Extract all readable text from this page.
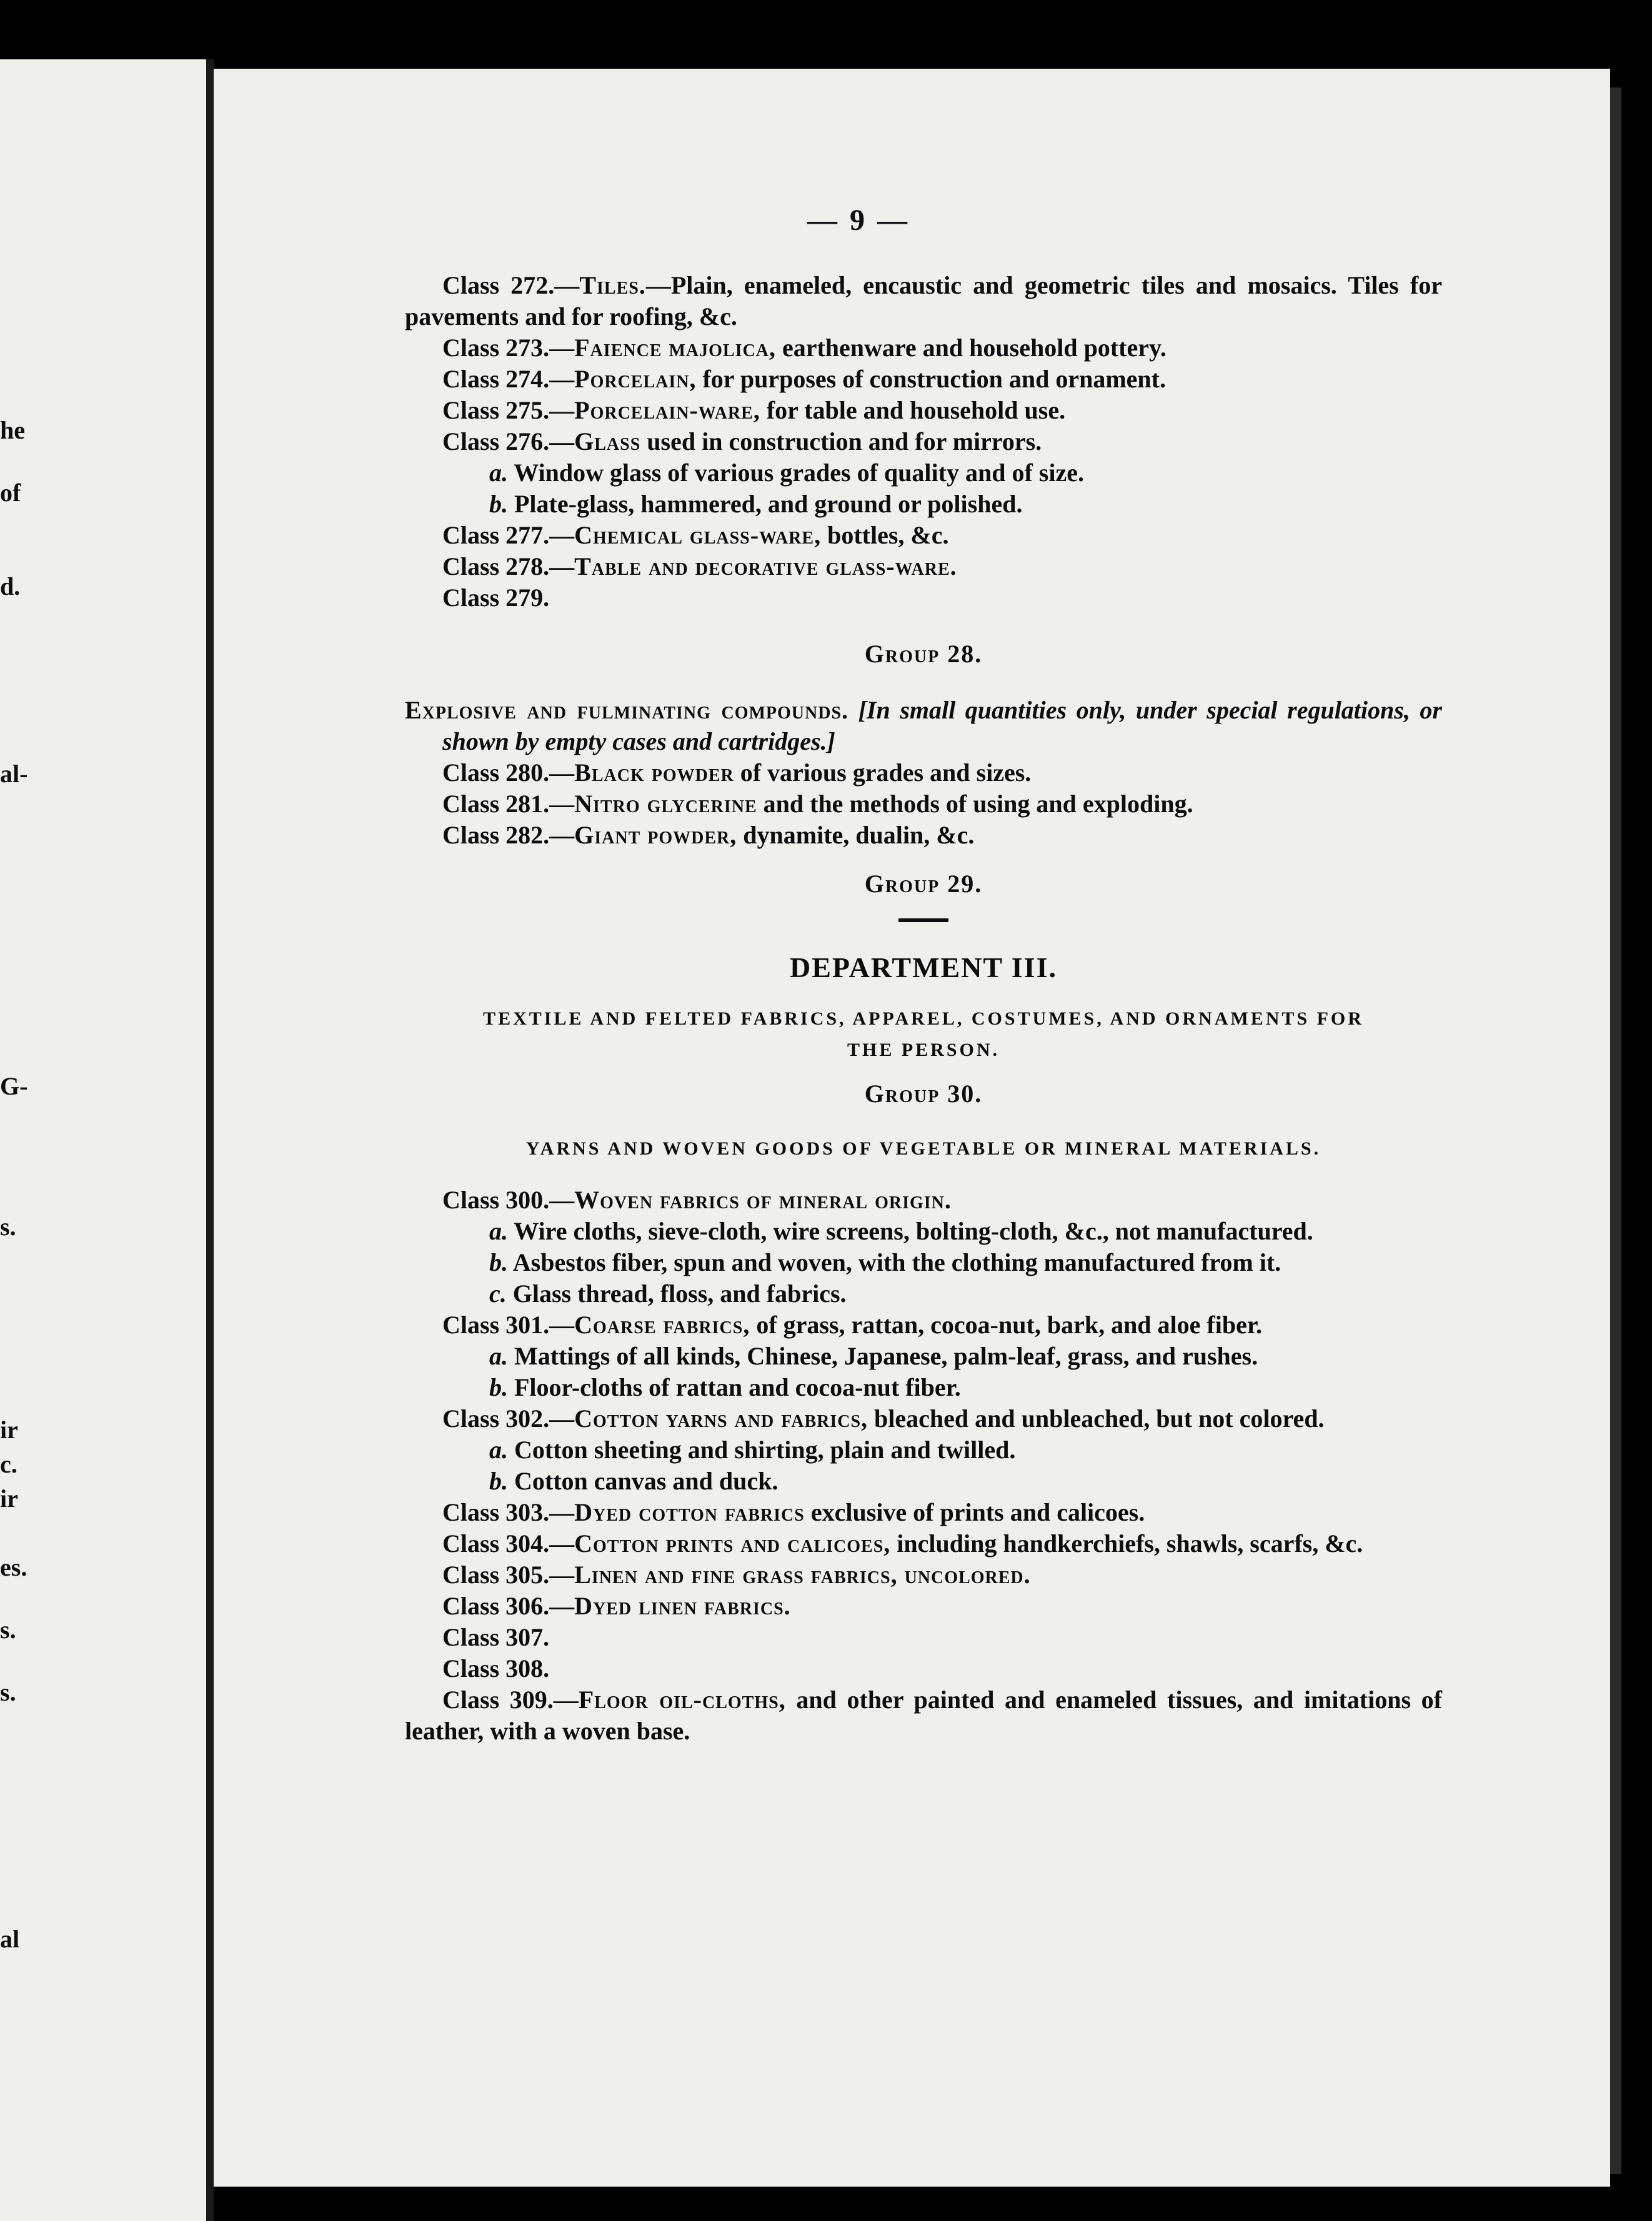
— 9 —
he
of
d.
al-
G-
s.
ir
c.
ir
es.
s.
s.
al

Class 272.—Tiles.—Plain, enameled, encaustic and geometric tiles and mosaics. Tiles for pavements and for roofing, &c.

Class 273.—Faience majolica, earthenware and household pottery.

Class 274.—Porcelain, for purposes of construction and ornament.

Class 275.—Porcelain-ware, for table and household use.

Class 276.—Glass used in construction and for mirrors.

a. Window glass of various grades of quality and of size.

b. Plate-glass, hammered, and ground or polished.

Class 277.—Chemical glass-ware, bottles, &c.

Class 278.—Table and decorative glass-ware.

Class 279.

Group 28.

Explosive and fulminating compounds. [In small quantities only, under special regulations, or shown by empty cases and cartridges.]

Class 280.—Black powder of various grades and sizes.

Class 281.—Nitro glycerine and the methods of using and exploding.

Class 282.—Giant powder, dynamite, dualin, &c.

Group 29.

DEPARTMENT III.

TEXTILE AND FELTED FABRICS, APPAREL, COSTUMES, AND ORNAMENTS FOR

THE PERSON.

Group 30.

YARNS AND WOVEN GOODS OF VEGETABLE OR MINERAL MATERIALS.

Class 300.—Woven fabrics of mineral origin.

a. Wire cloths, sieve-cloth, wire screens, bolting-cloth, &c., not manufactured.

b. Asbestos fiber, spun and woven, with the clothing manufactured from it.

c. Glass thread, floss, and fabrics.

Class 301.—Coarse fabrics, of grass, rattan, cocoa-nut, bark, and aloe fiber.

a. Mattings of all kinds, Chinese, Japanese, palm-leaf, grass, and rushes.

b. Floor-cloths of rattan and cocoa-nut fiber.

Class 302.—Cotton yarns and fabrics, bleached and unbleached, but not colored.

a. Cotton sheeting and shirting, plain and twilled.

b. Cotton canvas and duck.

Class 303.—Dyed cotton fabrics exclusive of prints and calicoes.

Class 304.—Cotton prints and calicoes, including handkerchiefs, shawls, scarfs, &c.

Class 305.—Linen and fine grass fabrics, uncolored.

Class 306.—Dyed linen fabrics.

Class 307.

Class 308.

Class 309.—Floor oil-cloths, and other painted and enameled tissues, and imitations of leather, with a woven base.
